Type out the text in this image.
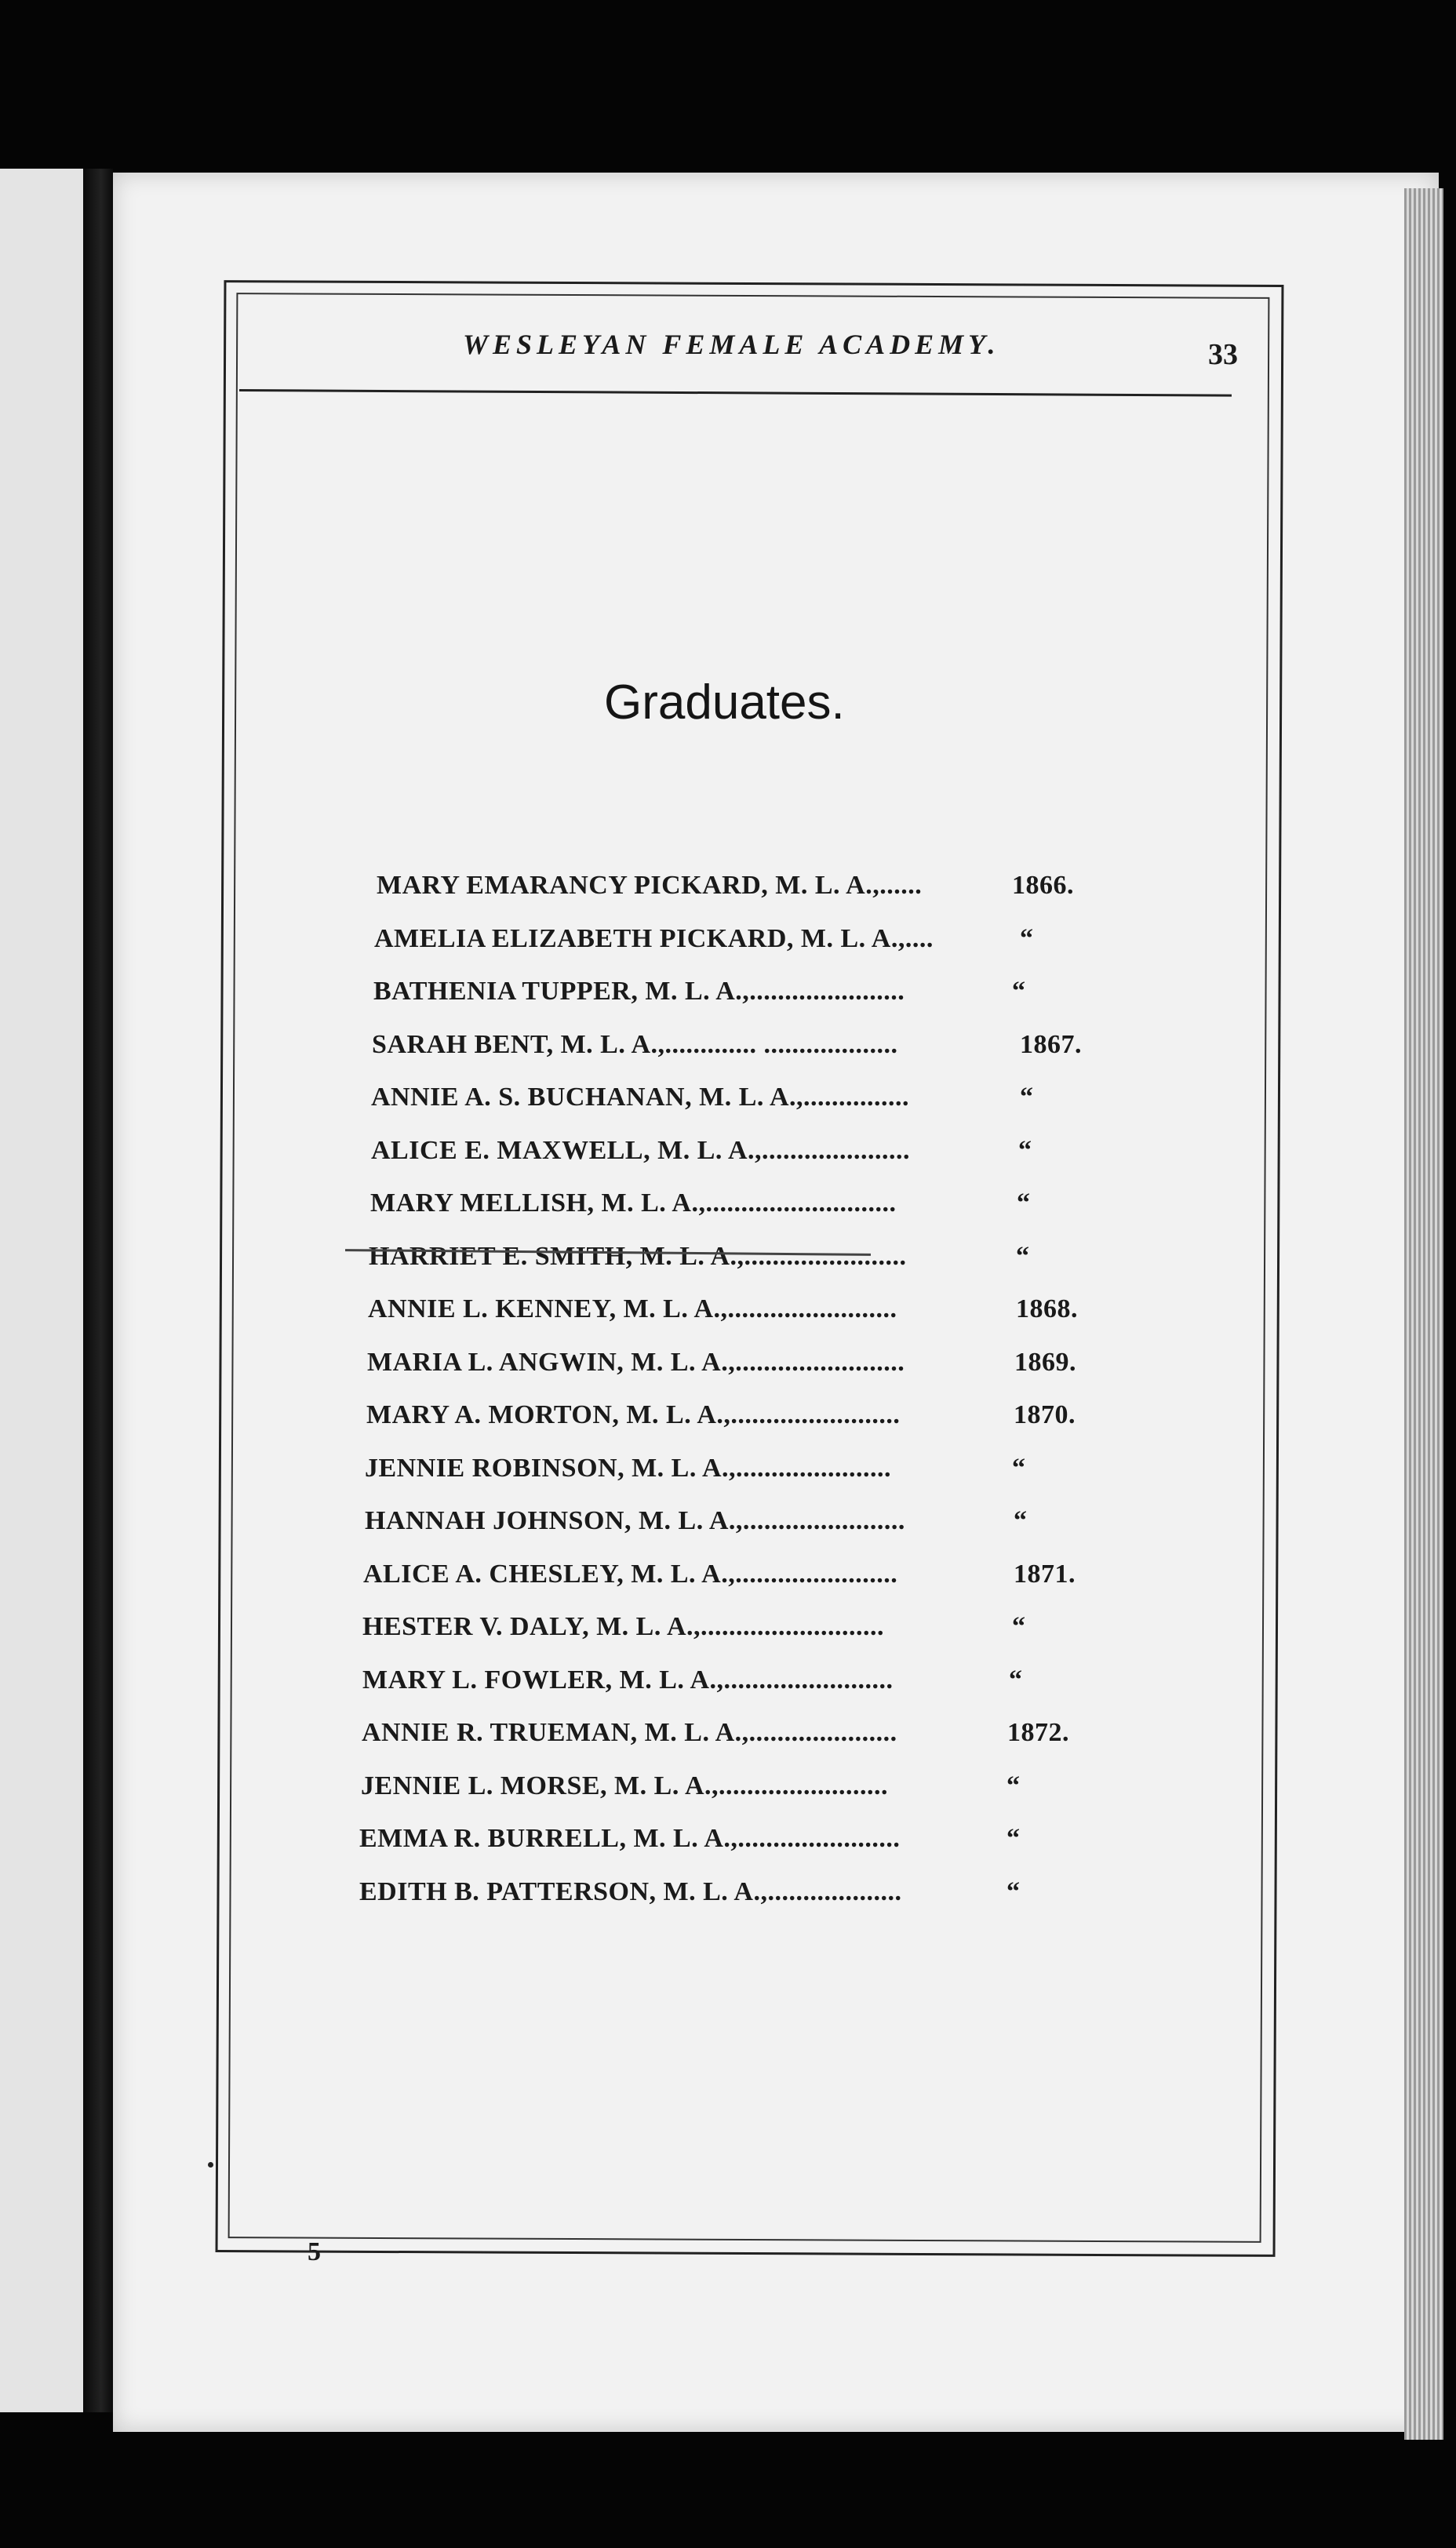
WESLEYAN FEMALE ACADEMY.	33
Graduates.
MARY EMARANCY PICKARD, M. L. A.,......	1866.
AMELIA ELIZABETH PICKARD, M. L. A.,....	“
BATHENIA TUPPER, M. L. A.,......................	“
SARAH BENT, M. L. A.,............. ...................	1867.
ANNIE A. S. BUCHANAN, M. L. A.,...............	“
ALICE E. MAXWELL, M. L. A.,.....................	“
MARY MELLISH, M. L. A.,...........................	“
HARRIET E. SMITH, M. L. A.,.......................	“
ANNIE L. KENNEY, M. L. A.,........................	1868.
MARIA L. ANGWIN, M. L. A.,........................	1869.
MARY A. MORTON, M. L. A.,........................	1870.
JENNIE ROBINSON, M. L. A.,......................	“
HANNAH JOHNSON, M. L. A.,.......................	“
ALICE A. CHESLEY, M. L. A.,.......................	1871.
HESTER V. DALY, M. L. A.,..........................	“
MARY L. FOWLER, M. L. A.,........................	“
ANNIE R. TRUEMAN, M. L. A.,.....................	1872.
JENNIE L. MORSE, M. L. A.,........................	“
EMMA R. BURRELL, M. L. A.,.......................	“
EDITH B. PATTERSON, M. L. A.,...................	“
5
